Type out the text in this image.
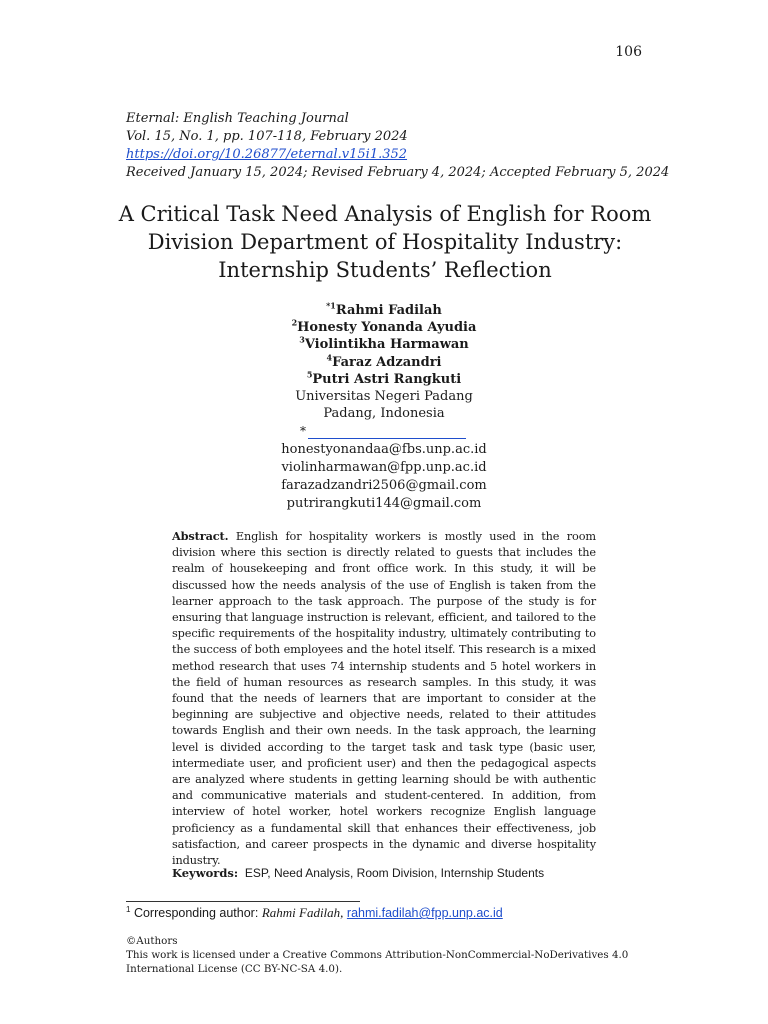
106
Eternal: English Teaching Journal
Vol. 15, No. 1, pp. 107-118, February 2024
https://doi.org/10.26877/eternal.v15i1.352
Received January 15, 2024; Revised February 4, 2024; Accepted February 5, 2024
A Critical Task Need Analysis of English for Room
Division Department of Hospitality Industry:
Internship Students’ Reflection
$^{*1}$Rahmi Fadilah
$^2$Honesty Yonanda Ayudia
$^3$Violintikha Harmawan
$^4$Faraz Adzandri
$^5$Putri Astri Rangkuti
Universitas Negeri Padang
Padang, Indonesia
*
honestyonandaa@fbs.unp.ac.id
violinharmawan@fpp.unp.ac.id
farazadzandri2506@gmail.com
putrirangkuti144@gmail.com
Abstract. English for hospitality workers is mostly used in the room division where this section is directly related to guests that includes the realm of housekeeping and front office work. In this study, it will be discussed how the needs analysis of the use of English is taken from the learner approach to the task approach. The purpose of the study is for ensuring that language instruction is relevant, efficient, and tailored to the specific requirements of the hospitality industry, ultimately contributing to the success of both employees and the hotel itself. This research is a mixed method research that uses 74 internship students and 5 hotel workers in the field of human resources as research samples. In this study, it was found that the needs of learners that are important to consider at the beginning are subjective and objective needs, related to their attitudes towards English and their own needs. In the task approach, the learning level is divided according to the target task and task type (basic user, intermediate user, and proficient user) and then the pedagogical aspects are analyzed where students in getting learning should be with authentic and communicative materials and student-centered. In addition, from interview of hotel worker, hotel workers recognize English language proficiency as a fundamental skill that enhances their effectiveness, job satisfaction, and career prospects in the dynamic and diverse hospitality industry.
Keywords: ESP, Need Analysis, Room Division, Internship Students
$^1$ Corresponding author: Rahmi Fadilah, rahmi.fadilah@fpp.unp.ac.id
©Authors
This work is licensed under a Creative Commons Attribution-NonCommercial-NoDerivatives 4.0
International License (CC BY-NC-SA 4.0).
